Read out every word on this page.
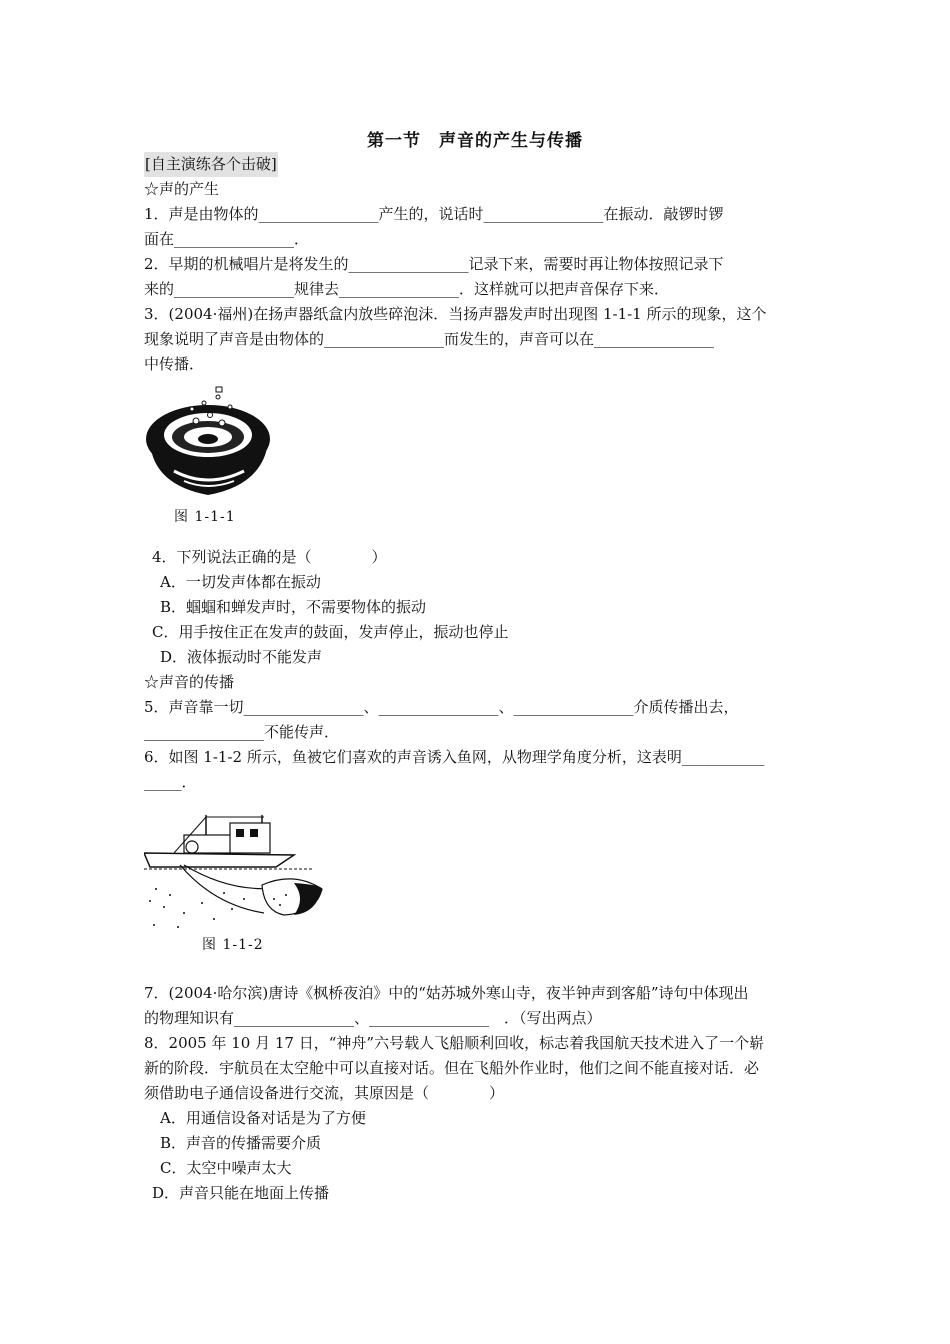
第一节　声音的产生与传播
[自主演练各个击破]
☆声的产生
1．声是由物体的________________产生的，说话时________________在振动．敲锣时锣
面在________________．
2．早期的机械唱片是将发生的________________记录下来，需要时再让物体按照记录下
来的________________规律去________________．这样就可以把声音保存下来．
3．(2004·福州)在扬声器纸盒内放些碎泡沫．当扬声器发声时出现图 1-1-1 所示的现象，这个
现象说明了声音是由物体的________________而发生的，声音可以在________________
中传播．
图 1-1-1
4．下列说法正确的是（　　　　）
A．一切发声体都在振动
B．蝈蝈和蝉发声时，不需要物体的振动
C．用手按住正在发声的鼓面，发声停止，振动也停止
D．液体振动时不能发声
☆声音的传播
5．声音靠一切________________、________________、________________介质传播出去，
________________不能传声．
6．如图 1-1-2 所示，鱼被它们喜欢的声音诱入鱼网，从物理学角度分析，这表明___________
_____．
图 1-1-2
7．(2004·哈尔滨)唐诗《枫桥夜泊》中的“姑苏城外寒山寺，夜半钟声到客船”诗句中体现出
的物理知识有________________、________________　．（写出两点）
8．2005 年 10 月 17 日，“神舟”六号载人飞船顺利回收，标志着我国航天技术进入了一个崭
新的阶段．宇航员在太空舱中可以直接对话。但在飞船外作业时，他们之间不能直接对话．必
须借助电子通信设备进行交流，其原因是（　　　　）
A．用通信设备对话是为了方便
B．声音的传播需要介质
C．太空中噪声太大
D．声音只能在地面上传播
